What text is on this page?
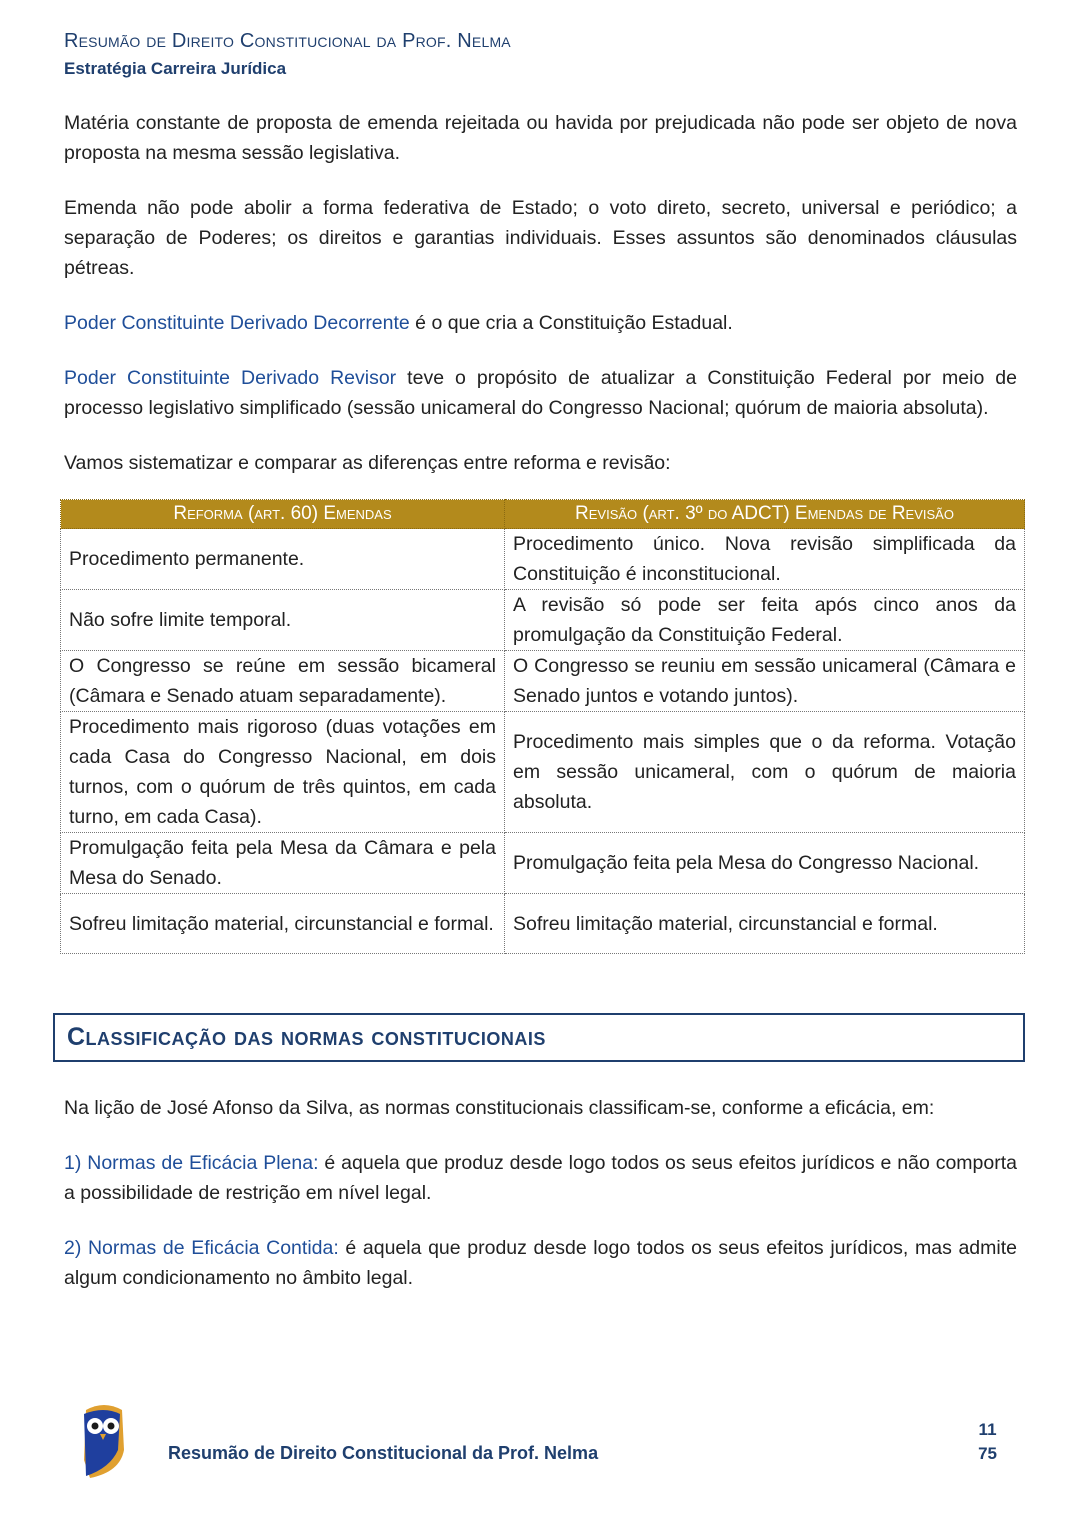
Resumão de Direito Constitucional da Prof. Nelma
Estratégia Carreira Jurídica

Matéria constante de proposta de emenda rejeitada ou havida por prejudicada não pode ser objeto de nova proposta na mesma sessão legislativa.

Emenda não pode abolir a forma federativa de Estado; o voto direto, secreto, universal e periódico; a separação de Poderes; os direitos e garantias individuais. Esses assuntos são denominados cláusulas pétreas.

Poder Constituinte Derivado Decorrente é o que cria a Constituição Estadual.

Poder Constituinte Derivado Revisor teve o propósito de atualizar a Constituição Federal por meio de processo legislativo simplificado (sessão unicameral do Congresso Nacional; quórum de maioria absoluta).

Vamos sistematizar e comparar as diferenças entre reforma e revisão:

Reforma (art. 60) Emendas	Revisão (art. 3º do ADCT) Emendas de Revisão
Procedimento permanente.	Procedimento único. Nova revisão simplificada da Constituição é inconstitucional.
Não sofre limite temporal.	A revisão só pode ser feita após cinco anos da promulgação da Constituição Federal.
O Congresso se reúne em sessão bicameral (Câmara e Senado atuam separadamente).	O Congresso se reuniu em sessão unicameral (Câmara e Senado juntos e votando juntos).
Procedimento mais rigoroso (duas votações em cada Casa do Congresso Nacional, em dois turnos, com o quórum de três quintos, em cada turno, em cada Casa).	Procedimento mais simples que o da reforma. Votação em sessão unicameral, com o quórum de maioria absoluta.
Promulgação feita pela Mesa da Câmara e pela Mesa do Senado.	Promulgação feita pela Mesa do Congresso Nacional.
Sofreu limitação material, circunstancial e formal.	Sofreu limitação material, circunstancial e formal.
Classificação das normas constitucionais

Na lição de José Afonso da Silva, as normas constitucionais classificam-se, conforme a eficácia, em:

1) Normas de Eficácia Plena: é aquela que produz desde logo todos os seus efeitos jurídicos e não comporta a possibilidade de restrição em nível legal.

2) Normas de Eficácia Contida: é aquela que produz desde logo todos os seus efeitos jurídicos, mas admite algum condicionamento no âmbito legal.

Resumão de Direito Constitucional da Prof. Nelma
11
75
